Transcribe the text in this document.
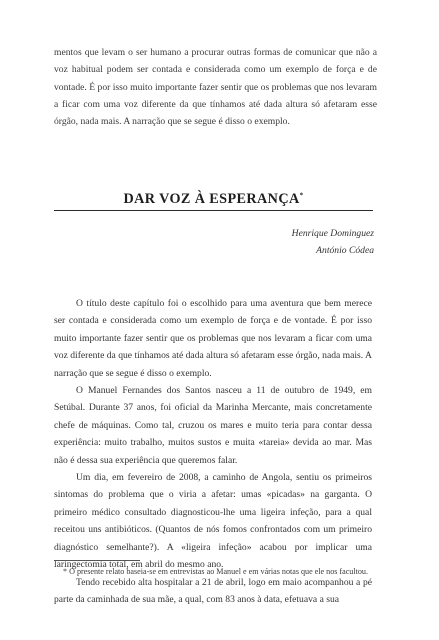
mentos que levam o ser humano a procurar outras formas de comunicar que não a voz habitual podem ser contada e considerada como um exemplo de força e de vontade. É por isso muito importante fazer sentir que os problemas que nos levaram a ficar com uma voz diferente da que tínhamos até dada altura só afetaram esse órgão, nada mais. A narração que se segue é disso o exemplo.

DAR VOZ À ESPERANÇA*
Henrique Dominguez
António Códea

O título deste capítulo foi o escolhido para uma aventura que bem merece ser contada e considerada como um exemplo de força e de vontade. É por isso muito importante fazer sentir que os problemas que nos levaram a ficar com uma voz diferente da que tínhamos até dada altura só afetaram esse órgão, nada mais. A narração que se segue é disso o exemplo.

O Manuel Fernandes dos Santos nasceu a 11 de outubro de 1949, em Setúbal. Durante 37 anos, foi oficial da Marinha Mercante, mais concretamente chefe de máquinas. Como tal, cruzou os mares e muito teria para contar dessa experiência: muito trabalho, muitos sustos e muita «tareia» devida ao mar. Mas não é dessa sua experiência que queremos falar.

Um dia, em fevereiro de 2008, a caminho de Angola, sentiu os primeiros sintomas do problema que o viria a afetar: umas «picadas» na garganta. O primeiro médico consultado diagnosticou-lhe uma ligeira infeção, para a qual receitou uns antibióticos. (Quantos de nós fomos confrontados com um primeiro diagnóstico semelhante?). A «ligeira infeção» acabou por implicar uma laringectomia total, em abril do mesmo ano.

Tendo recebido alta hospitalar a 21 de abril, logo em maio acompanhou a pé parte da caminhada de sua mãe, a qual, com 83 anos à data, efetuava a sua

* O presente relato baseia-se em entrevistas ao Manuel e em várias notas que ele nos facultou.
